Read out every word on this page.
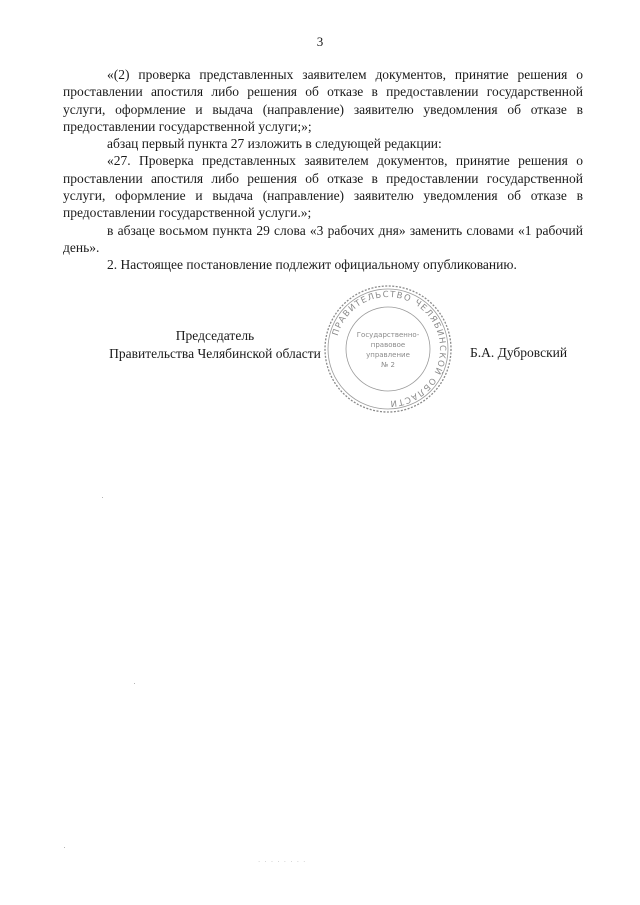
3

«(2) проверка представленных заявителем документов, принятие решения о проставлении апостиля либо решения об отказе в предоставлении государственной услуги, оформление и выдача (направление) заявителю уведомления об отказе в предоставлении государственной услуги;»;

абзац первый пункта 27 изложить в следующей редакции:

«27. Проверка представленных заявителем документов, принятие решения о проставлении апостиля либо решения об отказе в предоставлении государственной услуги, оформление и выдача (направление) заявителю уведомления об отказе в предоставлении государственной услуги.»;

в абзаце восьмом пункта 29 слова «3 рабочих дня» заменить словами «1 рабочий день».

2. Настоящее постановление подлежит официальному опубликованию.

Председатель
Правительства Челябинской области
ПРАВИТЕЛЬСТВО ЧЕЛЯБИНСКОЙ ОБЛАСТИ
Государственно-
правовое
управление
№ 2
Б.А. Дубровский
· · · · · · · ·
